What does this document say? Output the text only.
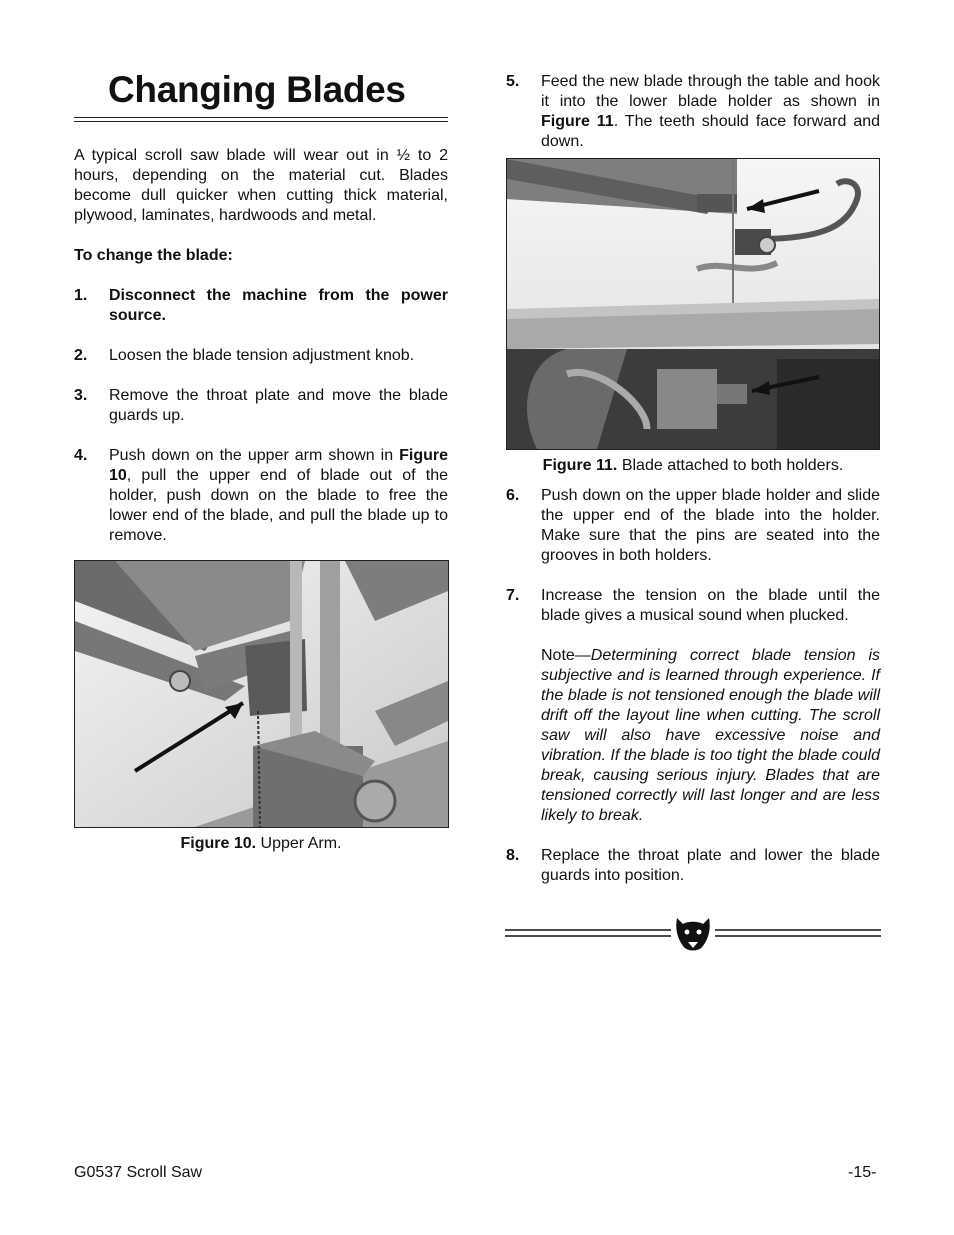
Changing Blades

A typical scroll saw blade will wear out in ½ to 2 hours, depending on the material cut. Blades become dull quicker when cutting thick material, plywood, laminates, hardwoods and metal.

To change the blade:

1.	Disconnect the machine from the power source.
2.	Loosen the blade tension adjustment knob.
3.	Remove the throat plate and move the blade guards up.
4.	Push down on the upper arm shown in Figure 10, pull the upper end of blade out of the holder, push down on the blade to free the lower end of the blade, and pull the blade up to remove.
Figure 10. Upper Arm.
5.	Feed the new blade through the table and hook it into the lower blade holder as shown in Figure 11. The teeth should face forward and down.
Figure 11. Blade attached to both holders.
6.	Push down on the upper blade holder and slide the upper end of the blade into the holder. Make sure that the pins are seated into the grooves in both holders.
7.	Increase the tension on the blade until the blade gives a musical sound when plucked.
Note—Determining correct blade tension is subjective and is learned through experience. If the blade is not tensioned enough the blade will drift off the layout line when cutting. The scroll saw will also have excessive noise and vibration. If the blade is too tight the blade could break, causing serious injury. Blades that are tensioned correctly will last longer and are less likely to break.
8.	Replace the throat plate and lower the blade guards into position.
G0537 Scroll Saw	-15-
